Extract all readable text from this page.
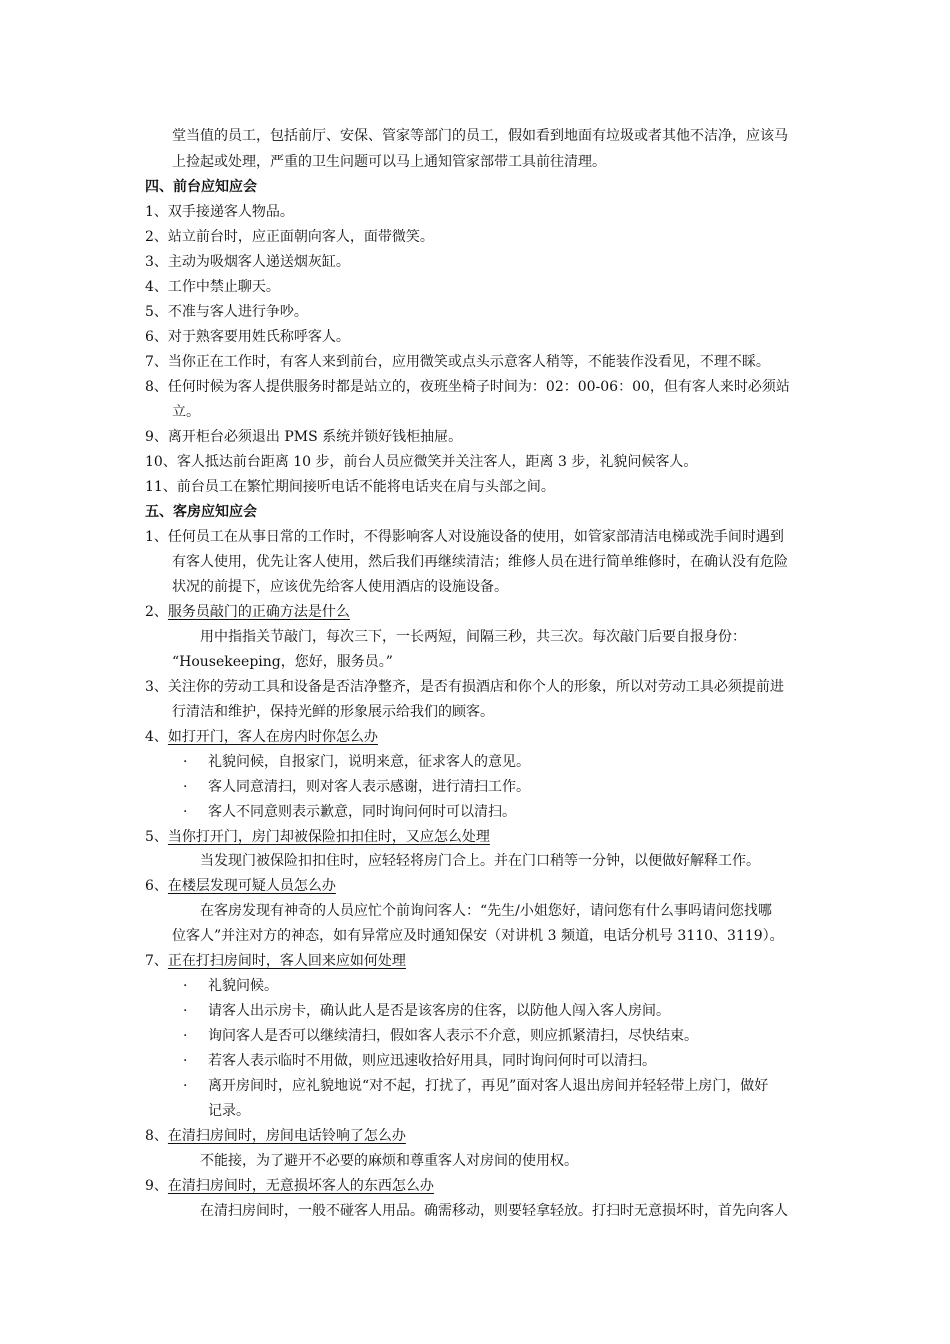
堂当值的员工，包括前厅、安保、管家等部门的员工，假如看到地面有垃圾或者其他不洁净，应该马
上捡起或处理，严重的卫生问题可以马上通知管家部带工具前往清理。
四、前台应知应会
1、双手接递客人物品。
2、站立前台时，应正面朝向客人，面带微笑。
3、主动为吸烟客人递送烟灰缸。
4、工作中禁止聊天。
5、不准与客人进行争吵。
6、对于熟客要用姓氏称呼客人。
7、当你正在工作时，有客人来到前台，应用微笑或点头示意客人稍等，不能装作没看见，不理不睬。
8、任何时候为客人提供服务时都是站立的，夜班坐椅子时间为：02：00-06：00，但有客人来时必须站
立。
9、离开柜台必须退出 PMS 系统并锁好钱柜抽屉。
10、客人抵达前台距离 10 步，前台人员应微笑并关注客人，距离 3 步，礼貌问候客人。
11、前台员工在繁忙期间接听电话不能将电话夹在肩与头部之间。
五、客房应知应会
1、任何员工在从事日常的工作时，不得影响客人对设施设备的使用，如管家部清洁电梯或洗手间时遇到
有客人使用，优先让客人使用，然后我们再继续清洁；维修人员在进行简单维修时，在确认没有危险
状况的前提下，应该优先给客人使用酒店的设施设备。
2、服务员敲门的正确方法是什么
用中指指关节敲门，每次三下，一长两短，间隔三秒，共三次。每次敲门后要自报身份：
“Housekeeping，您好，服务员。”
3、关注你的劳动工具和设备是否洁净整齐，是否有损酒店和你个人的形象，所以对劳动工具必须提前进
行清洁和维护，保持光鲜的形象展示给我们的顾客。
4、如打开门，客人在房内时你怎么办
· 礼貌问候，自报家门，说明来意，征求客人的意见。
· 客人同意清扫，则对客人表示感谢，进行清扫工作。
· 客人不同意则表示歉意，同时询问何时可以清扫。
5、当你打开门，房门却被保险扣扣住时，又应怎么处理
当发现门被保险扣扣住时，应轻轻将房门合上。并在门口稍等一分钟，以便做好解释工作。
6、在楼层发现可疑人员怎么办
在客房发现有神奇的人员应忙个前询问客人：“先生/小姐您好，请问您有什么事吗请问您找哪
位客人”并注对方的神态，如有异常应及时通知保安（对讲机 3 频道，电话分机号 3110、3119）。
7、正在打扫房间时，客人回来应如何处理
· 礼貌问候。
· 请客人出示房卡，确认此人是否是该客房的住客，以防他人闯入客人房间。
· 询问客人是否可以继续清扫，假如客人表示不介意，则应抓紧清扫，尽快结束。
· 若客人表示临时不用做，则应迅速收拾好用具，同时询问何时可以清扫。
· 离开房间时，应礼貌地说“对不起，打扰了，再见”面对客人退出房间并轻轻带上房门，做好
记录。
8、在清扫房间时，房间电话铃响了怎么办
不能接，为了避开不必要的麻烦和尊重客人对房间的使用权。
9、在清扫房间时，无意损坏客人的东西怎么办
在清扫房间时，一般不碰客人用品。确需移动，则要轻拿轻放。打扫时无意损坏时，首先向客人
